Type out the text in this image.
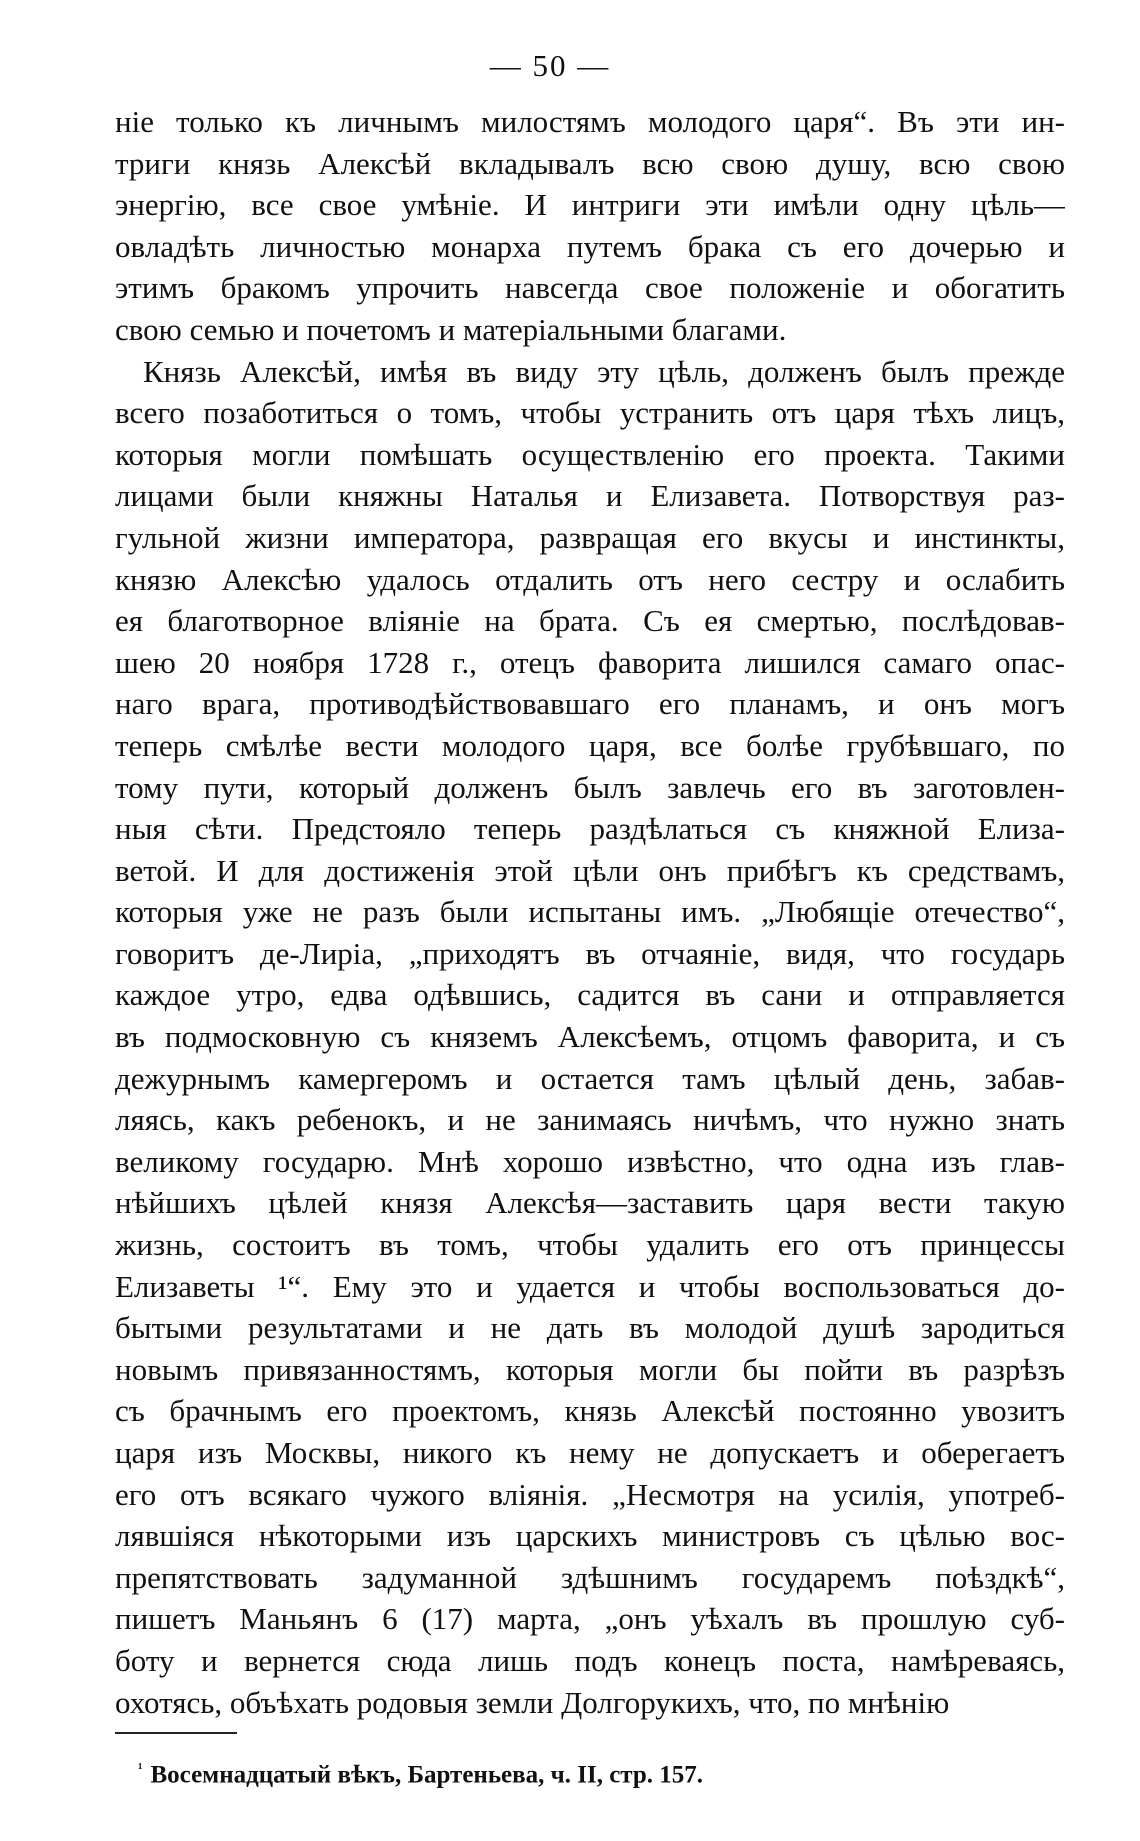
— 50 —
ніе только къ личнымъ милостямъ молодого царя“. Въ эти ин-
триги князь Алексѣй вкладывалъ всю свою душу, всю свою
энергію, все свое умѣніе. И интриги эти имѣли одну цѣль—
овладѣть личностью монарха путемъ брака съ его дочерью и
этимъ бракомъ упрочить навсегда свое положеніе и обогатить
свою семью и почетомъ и матеріальными благами.
Князь Алексѣй, имѣя въ виду эту цѣль, долженъ былъ прежде
всего позаботиться о томъ, чтобы устранить отъ царя тѣхъ лицъ,
которыя могли помѣшать осуществленію его проекта. Такими
лицами были княжны Наталья и Елизавета. Потворствуя раз-
гульной жизни императора, развращая его вкусы и инстинкты,
князю Алексѣю удалось отдалить отъ него сестру и ослабить
ея благотворное вліяніе на брата. Съ ея смертью, послѣдовав-
шею 20 ноября 1728 г., отецъ фаворита лишился самаго опас-
наго врага, противодѣйствовавшаго его планамъ, и онъ могъ
теперь смѣлѣе вести молодого царя, все болѣе грубѣвшаго, по
тому пути, который долженъ былъ завлечь его въ заготовлен-
ныя сѣти. Предстояло теперь раздѣлаться съ княжной Елиза-
ветой. И для достиженія этой цѣли онъ прибѣгъ къ средствамъ,
которыя уже не разъ были испытаны имъ. „Любящіе отечество“,
говоритъ де-Лиріа, „приходятъ въ отчаяніе, видя, что государь
каждое утро, едва одѣвшись, садится въ сани и отправляется
въ подмосковную съ княземъ Алексѣемъ, отцомъ фаворита, и съ
дежурнымъ камергеромъ и остается тамъ цѣлый день, забав-
ляясь, какъ ребенокъ, и не занимаясь ничѣмъ, что нужно знать
великому государю. Мнѣ хорошо извѣстно, что одна изъ глав-
нѣйшихъ цѣлей князя Алексѣя—заставить царя вести такую
жизнь, состоитъ въ томъ, чтобы удалить его отъ принцессы
Елизаветы ¹“. Ему это и удается и чтобы воспользоваться до-
бытыми результатами и не дать въ молодой душѣ зародиться
новымъ привязанностямъ, которыя могли бы пойти въ разрѣзъ
съ брачнымъ его проектомъ, князь Алексѣй постоянно увозитъ
царя изъ Москвы, никого къ нему не допускаетъ и оберегаетъ
его отъ всякаго чужого вліянія. „Несмотря на усилія, употреб-
лявшіяся нѣкоторыми изъ царскихъ министровъ съ цѣлью вос-
препятствовать задуманной здѣшнимъ государемъ поѣздкѣ“,
пишетъ Маньянъ 6 (17) марта, „онъ уѣхалъ въ прошлую суб-
боту и вернется сюда лишь подъ конецъ поста, намѣреваясь,
охотясь, объѣхать родовыя земли Долгорукихъ, что, по мнѣнію
$^{^1}$ Восемнадцатый вѣкъ, Бартеньева, ч. II, стр. 157.
